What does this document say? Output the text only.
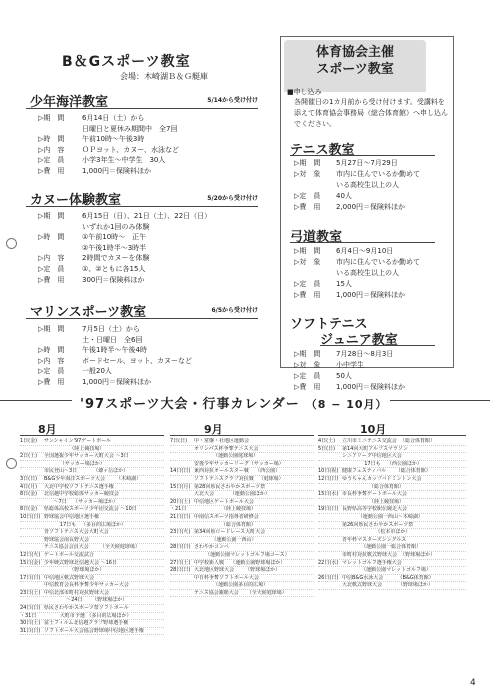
B＆Gスポーツ教室
会場：木崎湖Ｂ＆Ｇ艇庫
少年海洋教室	5/14から受け付け
▷期　間	6月14日（土）から
日曜日と夏休み期間中　全7回
▷時　間	午前10時〜午後3時
▷内　容	ＯＰヨット、カヌー、水泳など
▷定　員	小学3年生〜中学生　30人
▷費　用	1,000円＝保険料ほか
カヌー体験教室	5/20から受け付け
▷期　間	6月15日（日）、21日（土）、22日（日）
いずれか1回のみ体験
▷時　間	①午前10時〜　正午
②午後1時半〜3時半
▷内　容	2時間でカヌーを体験
▷定　員	①、②ともに各15人
▷費　用	300円＝保険料ほか
マリンスポーツ教室	6/5から受け付け
▷期　間	7月5日（土）から
土・日曜日　全6回
▷時　間	午後1時半〜午後4時
▷内　容	ボードセール、ヨット、カヌーなど
▷定　員	一般20人
▷費　用	1,000円＝保険料ほか
体育協会主催
スポーツ教室
■申し込み
各開催日の1カ月前から受け付けます。受講料を添えて体育協会事務局（総合体育館）へ申し込んでください。
テニス教室
▷期　間	5月27日〜7月29日
▷対　象	市内に住んでいるか勤めて
いる高校生以上の人
▷定　員	40人
▷費　用	2,000円＝保険料ほか
弓道教室
▷期　間	6月4日〜9月10日
▷対　象	市内に住んでいるか勤めて
いる高校生以上の人
▷定　員	15人
▷費　用	1,000円＝保険料ほか
ソフトテニス
ジュニア教室
▷期　間	7月28日〜8月3日
▷対　象	小中学生
▷定　員	50人
▷費　用	1,000円＝保険料ほか
'97スポーツ大会・行事カレンダー （8 − 10月）
8月	9月	10月
1日(金)	サンシャイン'97ゲートボール
（陸上競技場）
2日(土)	全国選抜少年サッカー大町大会 〜3日
（サッカー場ほか）
市民登山〜3日          （爺ヶ岳ほか）
3日(日)	B&G少年海洋スポーツ大会       （木崎湖）
4日(月)	大北中学校ソフトテニス選手権
8日(金)	北信越中学校総体サッカー競技会
〜7日    （サッカー場ほか）
8日(金)	県総体高校スポーツ少年団交流会 〜10日
10日(日) 野球協会中信地区選手権
17日も   （多目的広場ほか）
青ソフトテニス大会大町大会
野球協会南長野大会
テニス協会会員大会       （全天候庭球場）
12日(火) ゲートボール交流試合
15日(金) 少年硬式野球北信越大会 〜16日
（野球場ほか）
17日(日) 中信地区軟式野球大会
中信教育会長杯争奪少年サッカー大会
23日(土) 中信北部市町村対抗野球大会
〜24日      （野球場ほか）
24日(日) 県民さわやかスポーツ祭ソフトボール
・31日	大町市予選 （多目的広場ほか）
30日(土) 富士フィルム北信越クラブ野球選手権
31日(日) ソフトボール大会協会野球場中信地区選手権
7日(日)	中・常盤・社地区運動会
オリンパス杯争奪テニス大会
（運動公園庭球場）
安曇少年サッカーリーグ（サッカー場）
14日(日) 東西対抗オールスター戦    （西公園）
ソフトテニスクラブ対抗戦   （庭球場）
15日(月) 第28回県民さわやかスポーツ祭
大北大会          （運動公園ほか）
20日(土) 中信地区ゲートボール大会
・21日	（陸上競技場）
21日(日) 中南信スポーツ指導者研修会
（総合体育館）
23日(火) 第34回県ロードレース大町大会
（運動公園一西山）
28日(日) さわやかコンペ
（運動公園マレットゴルフ場コース）
27日(土) 中学校新人戦    （運動公園野球場ほか）
28日(日) 大北地区野球大会       （野球場ほか）
中日杯争奪ソフトボール大会
（運動公園多目的広場）
テニス協会親睦大会     （全天候庭球場）
4日(土)	立川市ミニテニス交流会  （総合体育館）
5日(日)	第14回大町アルプスマラソン
シニアリーグ中信地区大会
17日も    （西公園ほか）
10日(祝) 健康フェスティバル      （総合体育館）
12日(日) ゆうちゃんカップバドミントン大会
（総合体育館）
15日(水) 市長杯争奪ゲートボール大会
（陸上競技場）
19日(日) 長野県高等学校駅伝競走大会
（運動公園一西山〜木崎湖）
第26回県民さわやかスポーツ祭
（松本市ほか）
青年杯マスターズシングルス
（運動公園一総合体育館）
市町村対抗軟式野球大会  （野球場ほか）
22日(水) マレットゴルフ選手権大会
（運動公園マレットゴルフ場）
26日(日) 中信B&G水泳大会         （B&G体育館）
大北軟式野球大会          （野球場ほか）
4
